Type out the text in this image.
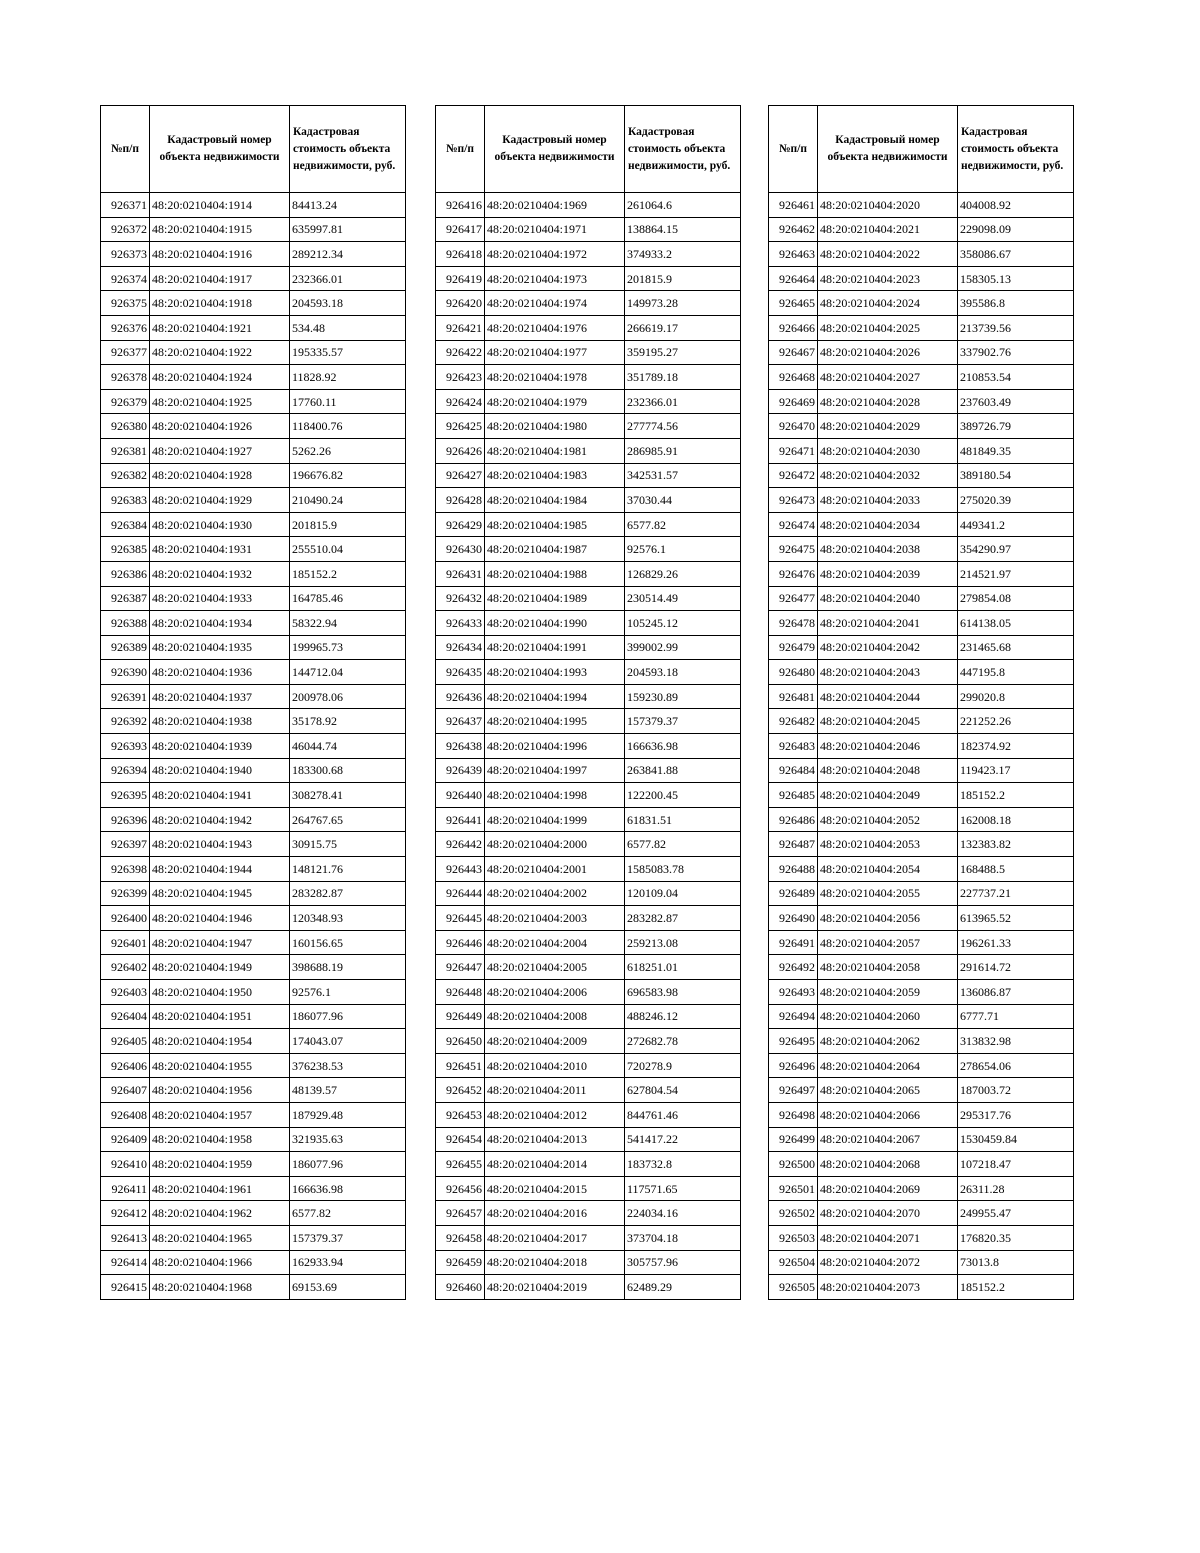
№п/п	Кадастровый номер объекта недвижимости	Кадастровая стоимость объекта недвижимости, руб.
926371	48:20:0210404:1914	84413.24
926372	48:20:0210404:1915	635997.81
926373	48:20:0210404:1916	289212.34
926374	48:20:0210404:1917	232366.01
926375	48:20:0210404:1918	204593.18
926376	48:20:0210404:1921	534.48
926377	48:20:0210404:1922	195335.57
926378	48:20:0210404:1924	11828.92
926379	48:20:0210404:1925	17760.11
926380	48:20:0210404:1926	118400.76
926381	48:20:0210404:1927	5262.26
926382	48:20:0210404:1928	196676.82
926383	48:20:0210404:1929	210490.24
926384	48:20:0210404:1930	201815.9
926385	48:20:0210404:1931	255510.04
926386	48:20:0210404:1932	185152.2
926387	48:20:0210404:1933	164785.46
926388	48:20:0210404:1934	58322.94
926389	48:20:0210404:1935	199965.73
926390	48:20:0210404:1936	144712.04
926391	48:20:0210404:1937	200978.06
926392	48:20:0210404:1938	35178.92
926393	48:20:0210404:1939	46044.74
926394	48:20:0210404:1940	183300.68
926395	48:20:0210404:1941	308278.41
926396	48:20:0210404:1942	264767.65
926397	48:20:0210404:1943	30915.75
926398	48:20:0210404:1944	148121.76
926399	48:20:0210404:1945	283282.87
926400	48:20:0210404:1946	120348.93
926401	48:20:0210404:1947	160156.65
926402	48:20:0210404:1949	398688.19
926403	48:20:0210404:1950	92576.1
926404	48:20:0210404:1951	186077.96
926405	48:20:0210404:1954	174043.07
926406	48:20:0210404:1955	376238.53
926407	48:20:0210404:1956	48139.57
926408	48:20:0210404:1957	187929.48
926409	48:20:0210404:1958	321935.63
926410	48:20:0210404:1959	186077.96
926411	48:20:0210404:1961	166636.98
926412	48:20:0210404:1962	6577.82
926413	48:20:0210404:1965	157379.37
926414	48:20:0210404:1966	162933.94
926415	48:20:0210404:1968	69153.69
№п/п	Кадастровый номер объекта недвижимости	Кадастровая стоимость объекта недвижимости, руб.
926416	48:20:0210404:1969	261064.6
926417	48:20:0210404:1971	138864.15
926418	48:20:0210404:1972	374933.2
926419	48:20:0210404:1973	201815.9
926420	48:20:0210404:1974	149973.28
926421	48:20:0210404:1976	266619.17
926422	48:20:0210404:1977	359195.27
926423	48:20:0210404:1978	351789.18
926424	48:20:0210404:1979	232366.01
926425	48:20:0210404:1980	277774.56
926426	48:20:0210404:1981	286985.91
926427	48:20:0210404:1983	342531.57
926428	48:20:0210404:1984	37030.44
926429	48:20:0210404:1985	6577.82
926430	48:20:0210404:1987	92576.1
926431	48:20:0210404:1988	126829.26
926432	48:20:0210404:1989	230514.49
926433	48:20:0210404:1990	105245.12
926434	48:20:0210404:1991	399002.99
926435	48:20:0210404:1993	204593.18
926436	48:20:0210404:1994	159230.89
926437	48:20:0210404:1995	157379.37
926438	48:20:0210404:1996	166636.98
926439	48:20:0210404:1997	263841.88
926440	48:20:0210404:1998	122200.45
926441	48:20:0210404:1999	61831.51
926442	48:20:0210404:2000	6577.82
926443	48:20:0210404:2001	1585083.78
926444	48:20:0210404:2002	120109.04
926445	48:20:0210404:2003	283282.87
926446	48:20:0210404:2004	259213.08
926447	48:20:0210404:2005	618251.01
926448	48:20:0210404:2006	696583.98
926449	48:20:0210404:2008	488246.12
926450	48:20:0210404:2009	272682.78
926451	48:20:0210404:2010	720278.9
926452	48:20:0210404:2011	627804.54
926453	48:20:0210404:2012	844761.46
926454	48:20:0210404:2013	541417.22
926455	48:20:0210404:2014	183732.8
926456	48:20:0210404:2015	117571.65
926457	48:20:0210404:2016	224034.16
926458	48:20:0210404:2017	373704.18
926459	48:20:0210404:2018	305757.96
926460	48:20:0210404:2019	62489.29
№п/п	Кадастровый номер объекта недвижимости	Кадастровая стоимость объекта недвижимости, руб.
926461	48:20:0210404:2020	404008.92
926462	48:20:0210404:2021	229098.09
926463	48:20:0210404:2022	358086.67
926464	48:20:0210404:2023	158305.13
926465	48:20:0210404:2024	395586.8
926466	48:20:0210404:2025	213739.56
926467	48:20:0210404:2026	337902.76
926468	48:20:0210404:2027	210853.54
926469	48:20:0210404:2028	237603.49
926470	48:20:0210404:2029	389726.79
926471	48:20:0210404:2030	481849.35
926472	48:20:0210404:2032	389180.54
926473	48:20:0210404:2033	275020.39
926474	48:20:0210404:2034	449341.2
926475	48:20:0210404:2038	354290.97
926476	48:20:0210404:2039	214521.97
926477	48:20:0210404:2040	279854.08
926478	48:20:0210404:2041	614138.05
926479	48:20:0210404:2042	231465.68
926480	48:20:0210404:2043	447195.8
926481	48:20:0210404:2044	299020.8
926482	48:20:0210404:2045	221252.26
926483	48:20:0210404:2046	182374.92
926484	48:20:0210404:2048	119423.17
926485	48:20:0210404:2049	185152.2
926486	48:20:0210404:2052	162008.18
926487	48:20:0210404:2053	132383.82
926488	48:20:0210404:2054	168488.5
926489	48:20:0210404:2055	227737.21
926490	48:20:0210404:2056	613965.52
926491	48:20:0210404:2057	196261.33
926492	48:20:0210404:2058	291614.72
926493	48:20:0210404:2059	136086.87
926494	48:20:0210404:2060	6777.71
926495	48:20:0210404:2062	313832.98
926496	48:20:0210404:2064	278654.06
926497	48:20:0210404:2065	187003.72
926498	48:20:0210404:2066	295317.76
926499	48:20:0210404:2067	1530459.84
926500	48:20:0210404:2068	107218.47
926501	48:20:0210404:2069	26311.28
926502	48:20:0210404:2070	249955.47
926503	48:20:0210404:2071	176820.35
926504	48:20:0210404:2072	73013.8
926505	48:20:0210404:2073	185152.2
